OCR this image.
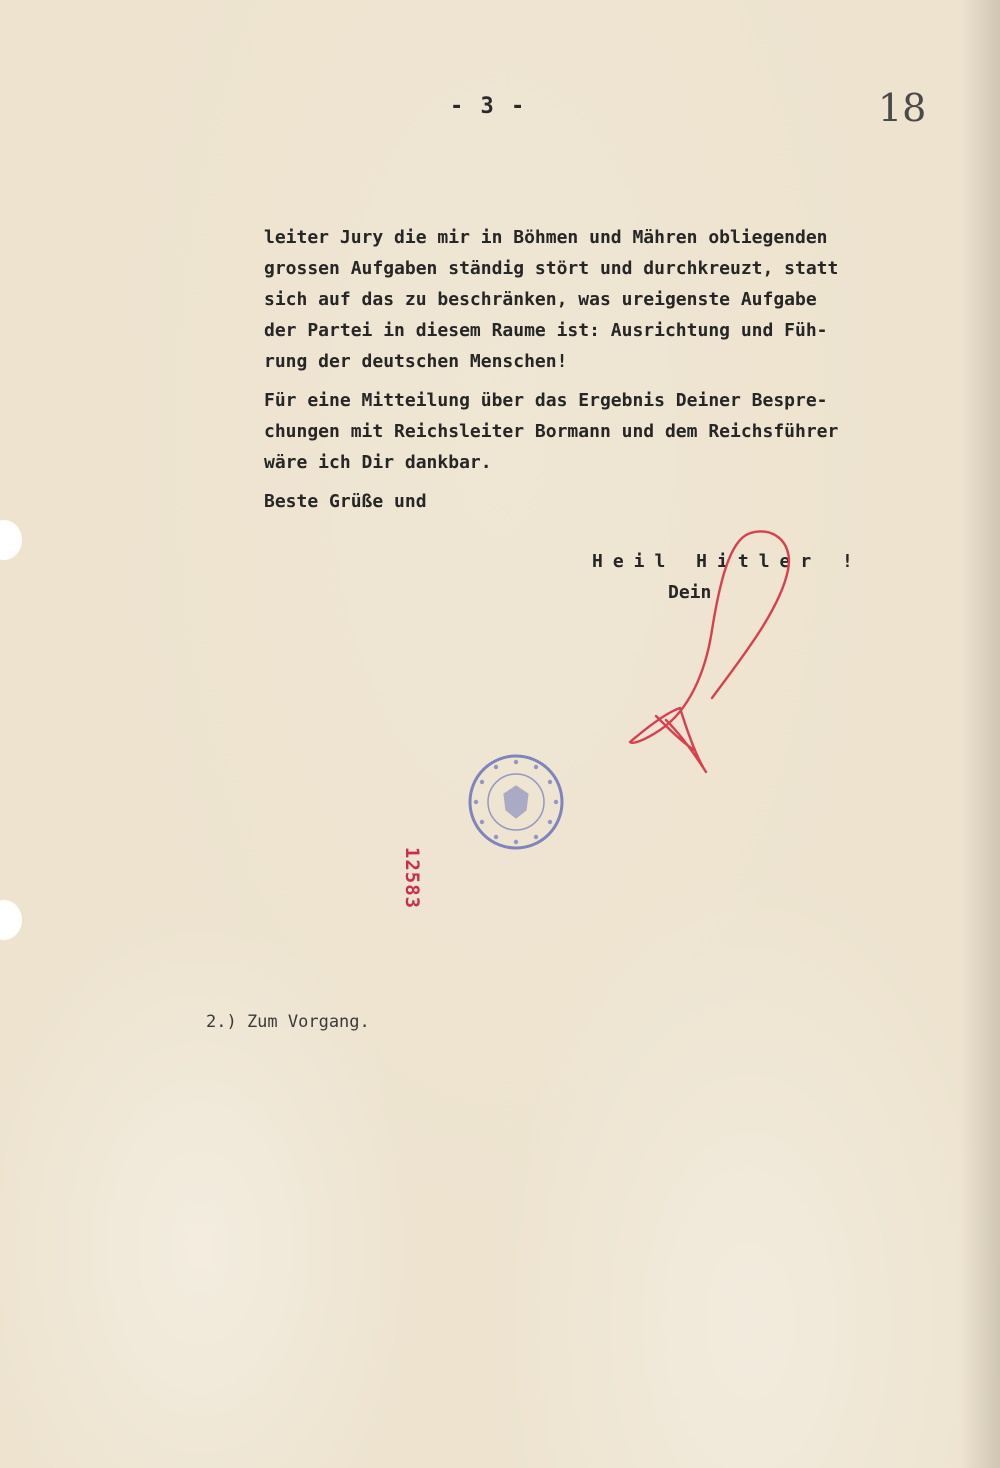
- 3 -	18
leiter Jury die mir in Böhmen und Mähren obliegenden
grossen Aufgaben ständig stört und durchkreuzt, statt
sich auf das zu beschränken, was ureigenste Aufgabe
der Partei in diesem Raume ist: Ausrichtung und Füh-
rung der deutschen Menschen!
Für eine Mitteilung über das Ergebnis Deiner Bespre-
chungen mit Reichsleiter Bormann und dem Reichsführer
wäre ich Dir dankbar.
Beste Grüße und
Heil Hitler !
Dein
12583
2.) Zum Vorgang.
